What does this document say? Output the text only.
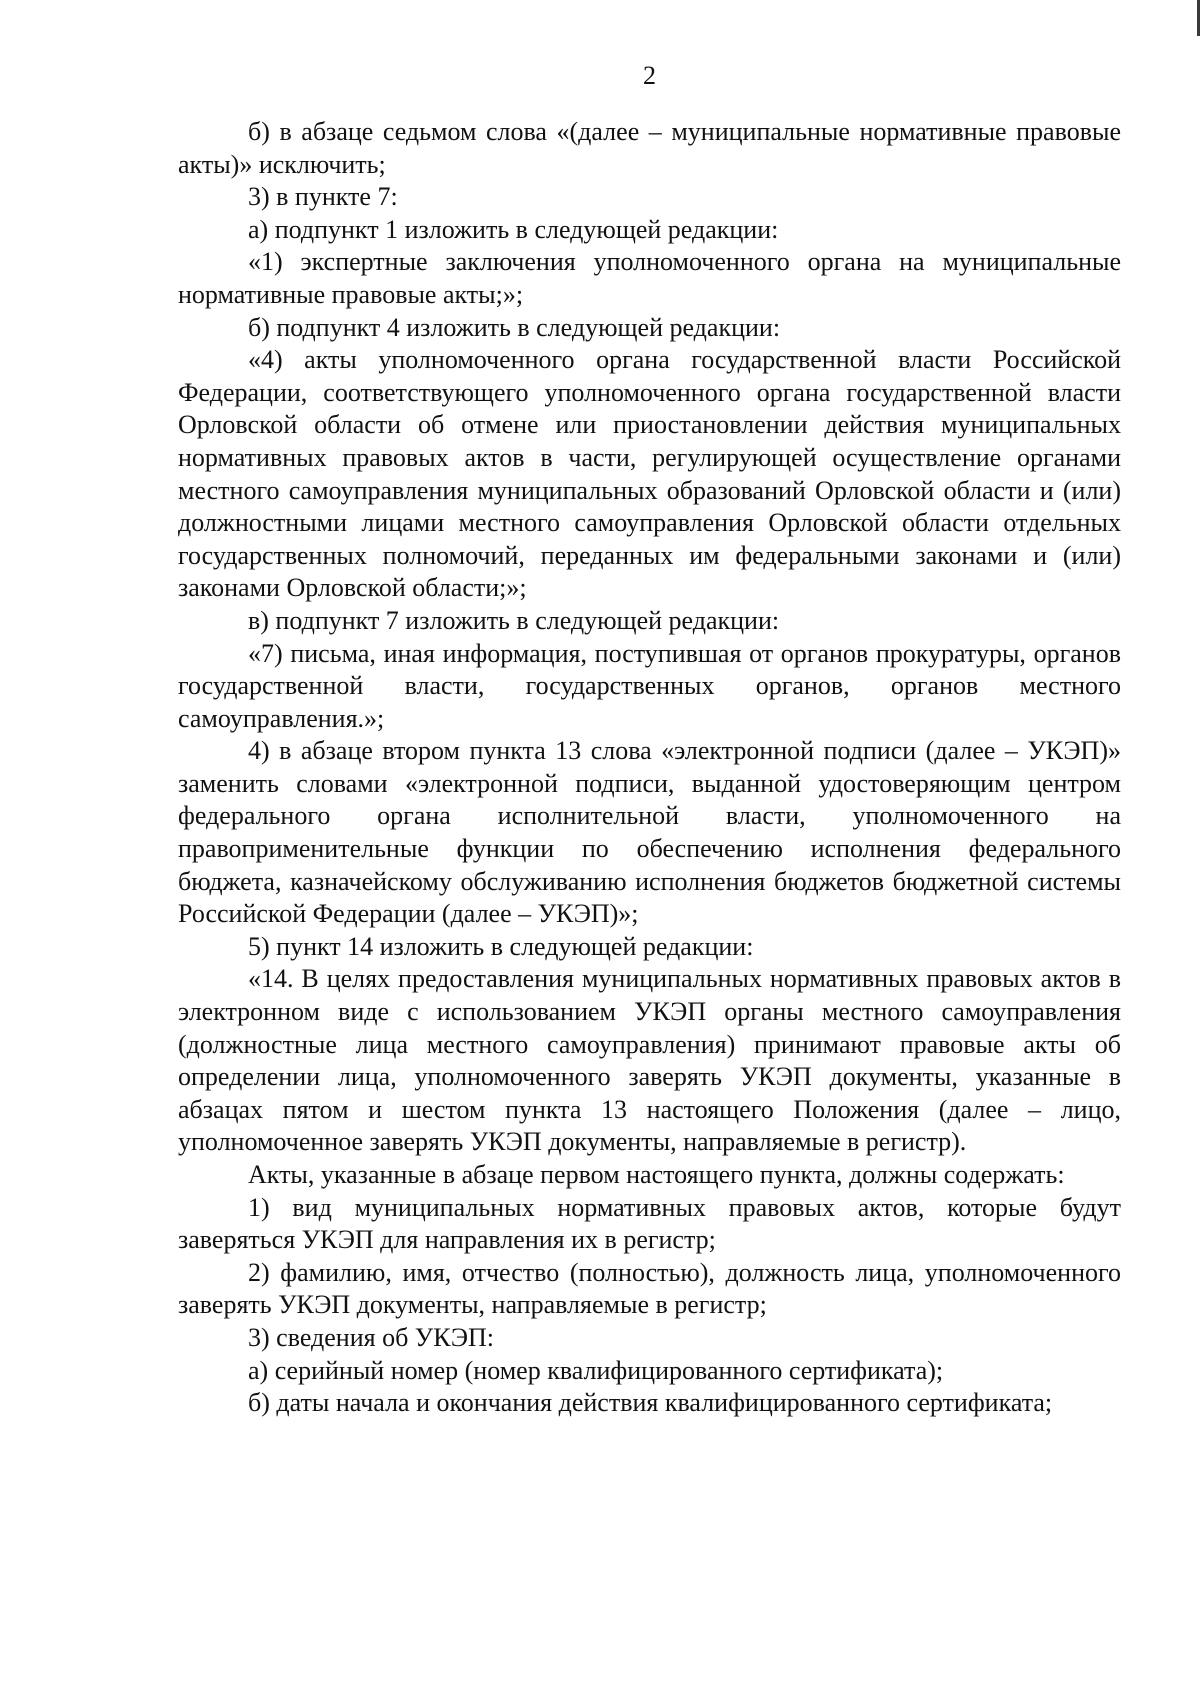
2

б) в абзаце седьмом слова «(далее – муниципальные нормативные правовые акты)» исключить;

3) в пункте 7:

а) подпункт 1 изложить в следующей редакции:

«1) экспертные заключения уполномоченного органа на муниципальные нормативные правовые акты;»;

б) подпункт 4 изложить в следующей редакции:

«4) акты уполномоченного органа государственной власти Российской Федерации, соответствующего уполномоченного органа государственной власти Орловской области об отмене или приостановлении действия муниципальных нормативных правовых актов в части, регулирующей осуществление органами местного самоуправления муниципальных образований Орловской области и (или) должностными лицами местного самоуправления Орловской области отдельных государственных полномочий, переданных им федеральными законами и (или) законами Орловской области;»;

в) подпункт 7 изложить в следующей редакции:

«7) письма, иная информация, поступившая от органов прокуратуры, органов государственной власти, государственных органов, органов местного самоуправления.»;

4) в абзаце втором пункта 13 слова «электронной подписи (далее – УКЭП)» заменить словами «электронной подписи, выданной удостоверяющим центром федерального органа исполнительной власти, уполномоченного на правоприменительные функции по обеспечению исполнения федерального бюджета, казначейскому обслуживанию исполнения бюджетов бюджетной системы Российской Федерации (далее – УКЭП)»;

5) пункт 14 изложить в следующей редакции:

«14. В целях предоставления муниципальных нормативных правовых актов в электронном виде с использованием УКЭП органы местного самоуправления (должностные лица местного самоуправления) принимают правовые акты об определении лица, уполномоченного заверять УКЭП документы, указанные в абзацах пятом и шестом пункта 13 настоящего Положения (далее – лицо, уполномоченное заверять УКЭП документы, направляемые в регистр).

Акты, указанные в абзаце первом настоящего пункта, должны содержать:

1) вид муниципальных нормативных правовых актов, которые будут заверяться УКЭП для направления их в регистр;

2) фамилию, имя, отчество (полностью), должность лица, уполномоченного заверять УКЭП документы, направляемые в регистр;

3) сведения об УКЭП:

а) серийный номер (номер квалифицированного сертификата);

б) даты начала и окончания действия квалифицированного сертификата;
